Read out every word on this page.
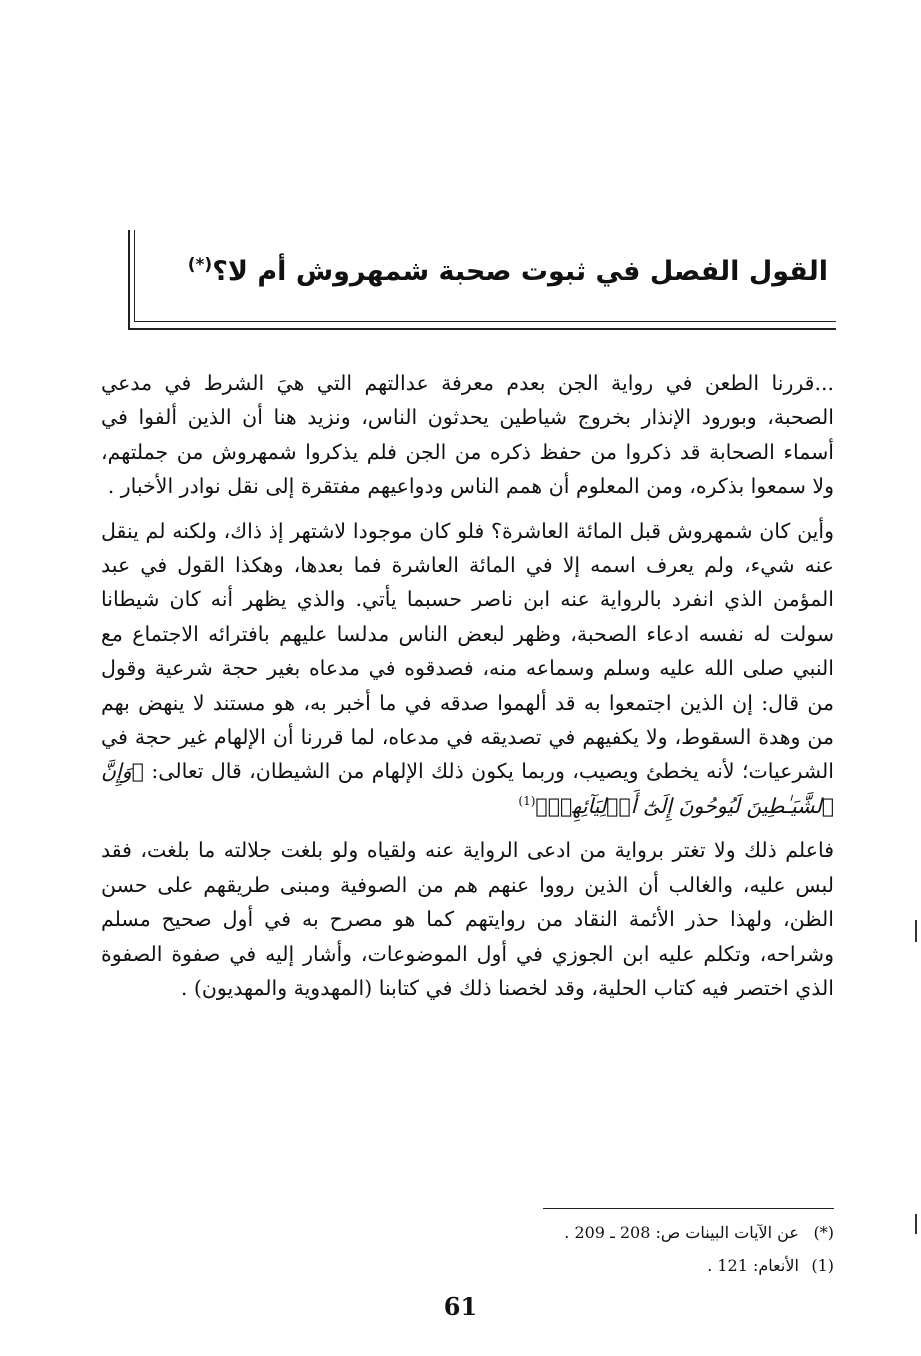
القول الفصل في ثبوت صحبة شمهروش أم لا؟(*)

...قررنا الطعن في رواية الجن بعدم معرفة عدالتهم التي هيَ الشرط في مدعي الصحبة، وبورود الإنذار بخروج شياطين يحدثون الناس، ونزيد هنا أن الذين ألفوا في أسماء الصحابة قد ذكروا من حفظ ذكره من الجن فلم يذكروا شمهروش من جملتهم، ولا سمعوا بذكره، ومن المعلوم أن همم الناس ودواعيهم مفتقرة إلى نقل نوادر الأخبار .

وأين كان شمهروش قبل المائة العاشرة؟ فلو كان موجودا لاشتهر إذ ذاك، ولكنه لم ينقل عنه شيء، ولم يعرف اسمه إلا في المائة العاشرة فما بعدها، وهكذا القول في عبد المؤمن الذي انفرد بالرواية عنه ابن ناصر حسبما يأتي. والذي يظهر أنه كان شيطانا سولت له نفسه ادعاء الصحبة، وظهر لبعض الناس مدلسا عليهم بافترائه الاجتماع مع النبي صلى الله عليه وسلم وسماعه منه، فصدقوه في مدعاه بغير حجة شرعية وقول من قال: إن الذين اجتمعوا به قد ألهموا صدقه في ما أخبر به، هو مستند لا ينهض بهم من وهدة السقوط، ولا يكفيهم في تصديقه في مدعاه، لما قررنا أن الإلهام غير حجة في الشرعيات؛ لأنه يخطئ ويصيب، وربما يكون ذلك الإلهام من الشيطان، قال تعالى: ﴿وَإِنَّ ٱلشَّيَـٰطِينَ لَيُوحُونَ إِلَىٰٓ أَوۡلِيَآئِهِمۡ﴾$^{(1)}$

فاعلم ذلك ولا تغتر برواية من ادعى الرواية عنه ولقياه ولو بلغت جلالته ما بلغت، فقد لبس عليه، والغالب أن الذين رووا عنهم هم من الصوفية ومبنى طريقهم على حسن الظن، ولهذا حذر الأئمة النقاد من روايتهم كما هو مصرح به في أول صحيح مسلم وشراحه، وتكلم عليه ابن الجوزي في أول الموضوعات، وأشار إليه في صفوة الصفوة الذي اختصر فيه كتاب الحلية، وقد لخصنا ذلك في كتابنا (المهدوية والمهديون) .

(*) عن الآيات البينات ص: 208 ـ 209 .
(1) الأنعام: 121 .
61
